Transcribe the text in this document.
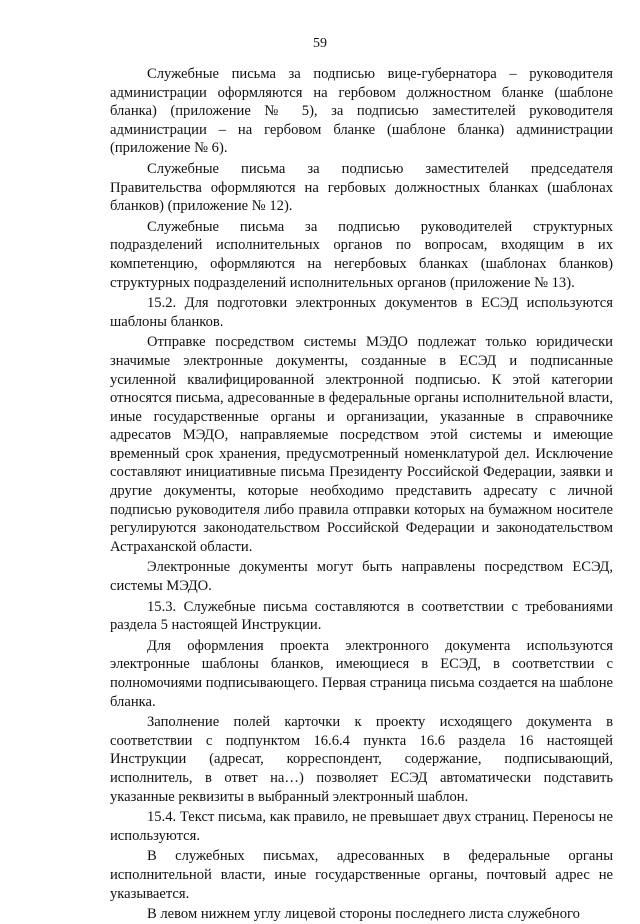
59

Служебные письма за подписью вице-губернатора – руководителя администрации оформляются на гербовом должностном бланке (шаблоне бланка) (приложение № 5), за подписью заместителей руководителя администрации – на гербовом бланке (шаблоне бланка) администрации (приложение № 6).

Служебные письма за подписью заместителей председателя Правительства оформляются на гербовых должностных бланках (шаблонах бланков) (приложение № 12).

Служебные письма за подписью руководителей структурных подразделений исполнительных органов по вопросам, входящим в их компетенцию, оформляются на негербовых бланках (шаблонах бланков) структурных подразделений исполнительных органов (приложение № 13).

15.2. Для подготовки электронных документов в ЕСЭД используются шаблоны бланков.

Отправке посредством системы МЭДО подлежат только юридически значимые электронные документы, созданные в ЕСЭД и подписанные усиленной квалифицированной электронной подписью. К этой категории относятся письма, адресованные в федеральные органы исполнительной власти, иные государственные органы и организации, указанные в справочнике адресатов МЭДО, направляемые посредством этой системы и имеющие временный срок хранения, предусмотренный номенклатурой дел. Исключение составляют инициативные письма Президенту Российской Федерации, заявки и другие документы, которые необходимо представить адресату с личной подписью руководителя либо правила отправки которых на бумажном носителе регулируются законодательством Российской Федерации и законодательством Астраханской области.

Электронные документы могут быть направлены посредством ЕСЭД, системы МЭДО.

15.3. Служебные письма составляются в соответствии с требованиями раздела 5 настоящей Инструкции.

Для оформления проекта электронного документа используются электронные шаблоны бланков, имеющиеся в ЕСЭД, в соответствии с полномочиями подписывающего. Первая страница письма создается на шаблоне бланка.

Заполнение полей карточки к проекту исходящего документа в соответствии с подпунктом 16.6.4 пункта 16.6 раздела 16 настоящей Инструкции (адресат, корреспондент, содержание, подписывающий, исполнитель, в ответ на…) позволяет ЕСЭД автоматически подставить указанные реквизиты в выбранный электронный шаблон.

15.4. Текст письма, как правило, не превышает двух страниц. Переносы не используются.

В служебных письмах, адресованных в федеральные органы исполнительной власти, иные государственные органы, почтовый адрес не указывается.

В левом нижнем углу лицевой стороны последнего листа служебного
